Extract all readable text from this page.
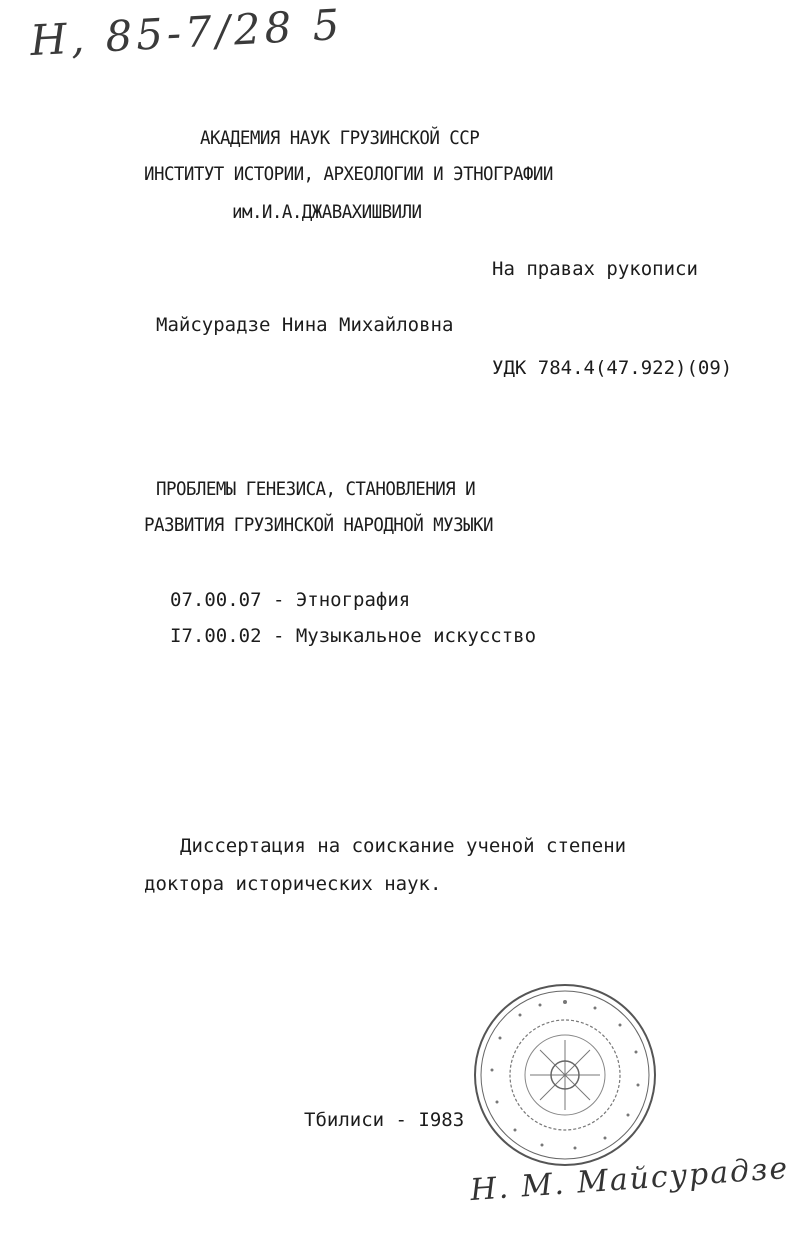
Н, 85-7/28 5
АКАДЕМИЯ НАУК ГРУЗИНСКОЙ ССР
ИНСТИТУТ ИСТОРИИ, АРХЕОЛОГИИ И ЭТНОГРАФИИ
им.И.А.ДЖАВАХИШВИЛИ
На правах рукописи
Майсурадзе Нина Михайловна
УДК 784.4(47.922)(09)
ПРОБЛЕМЫ ГЕНЕЗИСА, СТАНОВЛЕНИЯ И
РАЗВИТИЯ ГРУЗИНСКОЙ НАРОДНОЙ МУЗЫКИ
07.00.07 - Этнография
I7.00.02 - Музыкальное искусство
Диссертация на соискание ученой степени
доктора исторических наук.
Тбилиси - I983
Н. М. Майсурадзе
